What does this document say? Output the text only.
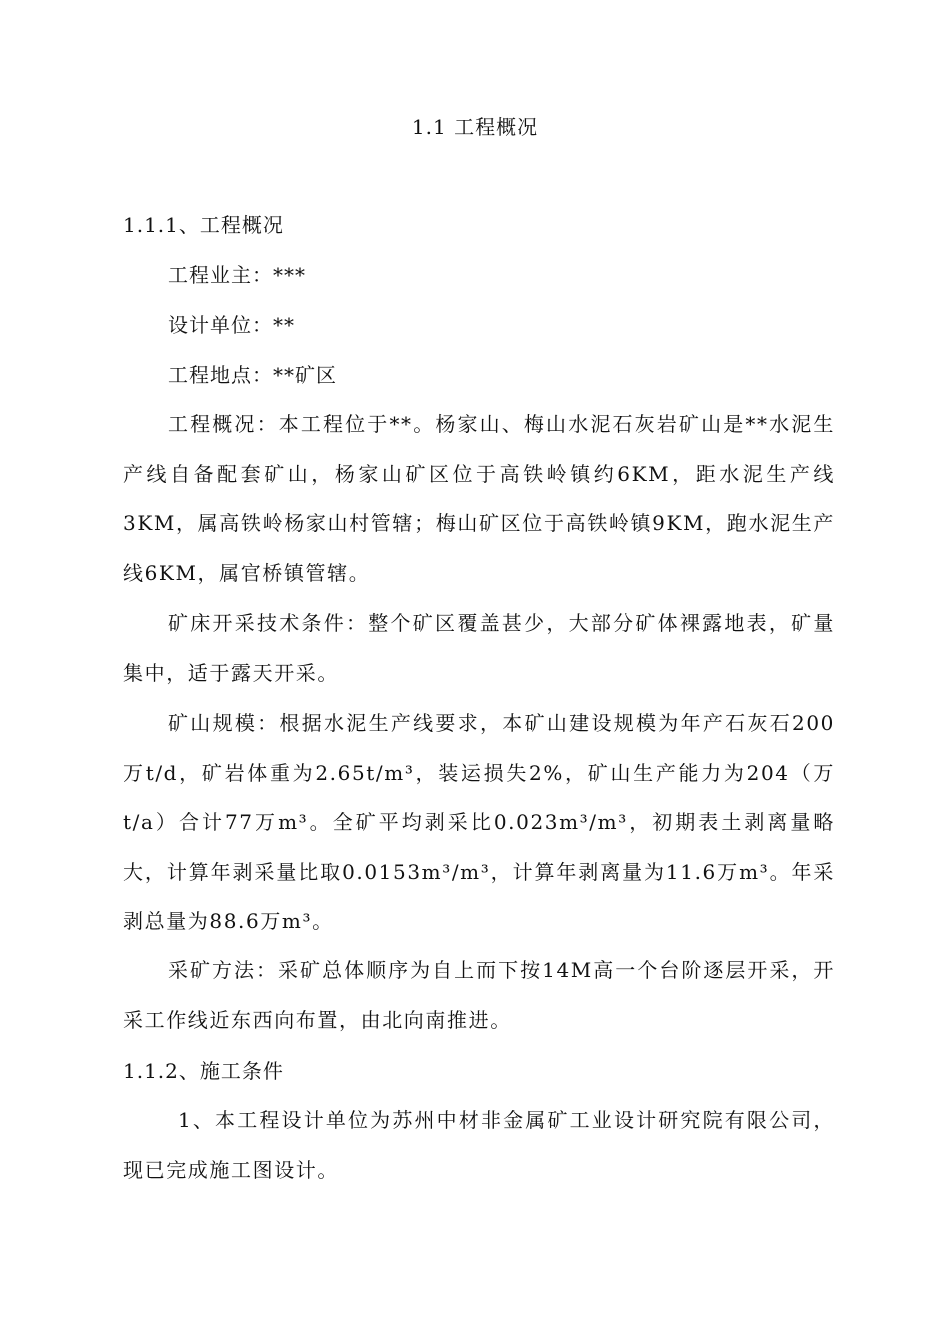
1.1 工程概况
1.1.1、工程概况
工程业主：***
设计单位：**
工程地点：**矿区

工程概况：本工程位于**。杨家山、梅山水泥石灰岩矿山是**水泥生产线自备配套矿山，杨家山矿区位于高铁岭镇约6KM，距水泥生产线3KM，属高铁岭杨家山村管辖；梅山矿区位于高铁岭镇9KM，跑水泥生产线6KM，属官桥镇管辖。

矿床开采技术条件：整个矿区覆盖甚少，大部分矿体裸露地表，矿量集中，适于露天开采。

矿山规模：根据水泥生产线要求，本矿山建设规模为年产石灰石200万t/d，矿岩体重为2.65t/m³，装运损失2%，矿山生产能力为204（万t/a）合计77万m³。全矿平均剥采比0.023m³/m³，初期表土剥离量略大，计算年剥采量比取0.0153m³/m³，计算年剥离量为11.6万m³。年采剥总量为88.6万m³。

采矿方法：采矿总体顺序为自上而下按14M高一个台阶逐层开采，开采工作线近东西向布置，由北向南推进。

1.1.2、施工条件

1、本工程设计单位为苏州中材非金属矿工业设计研究院有限公司，现已完成施工图设计。
